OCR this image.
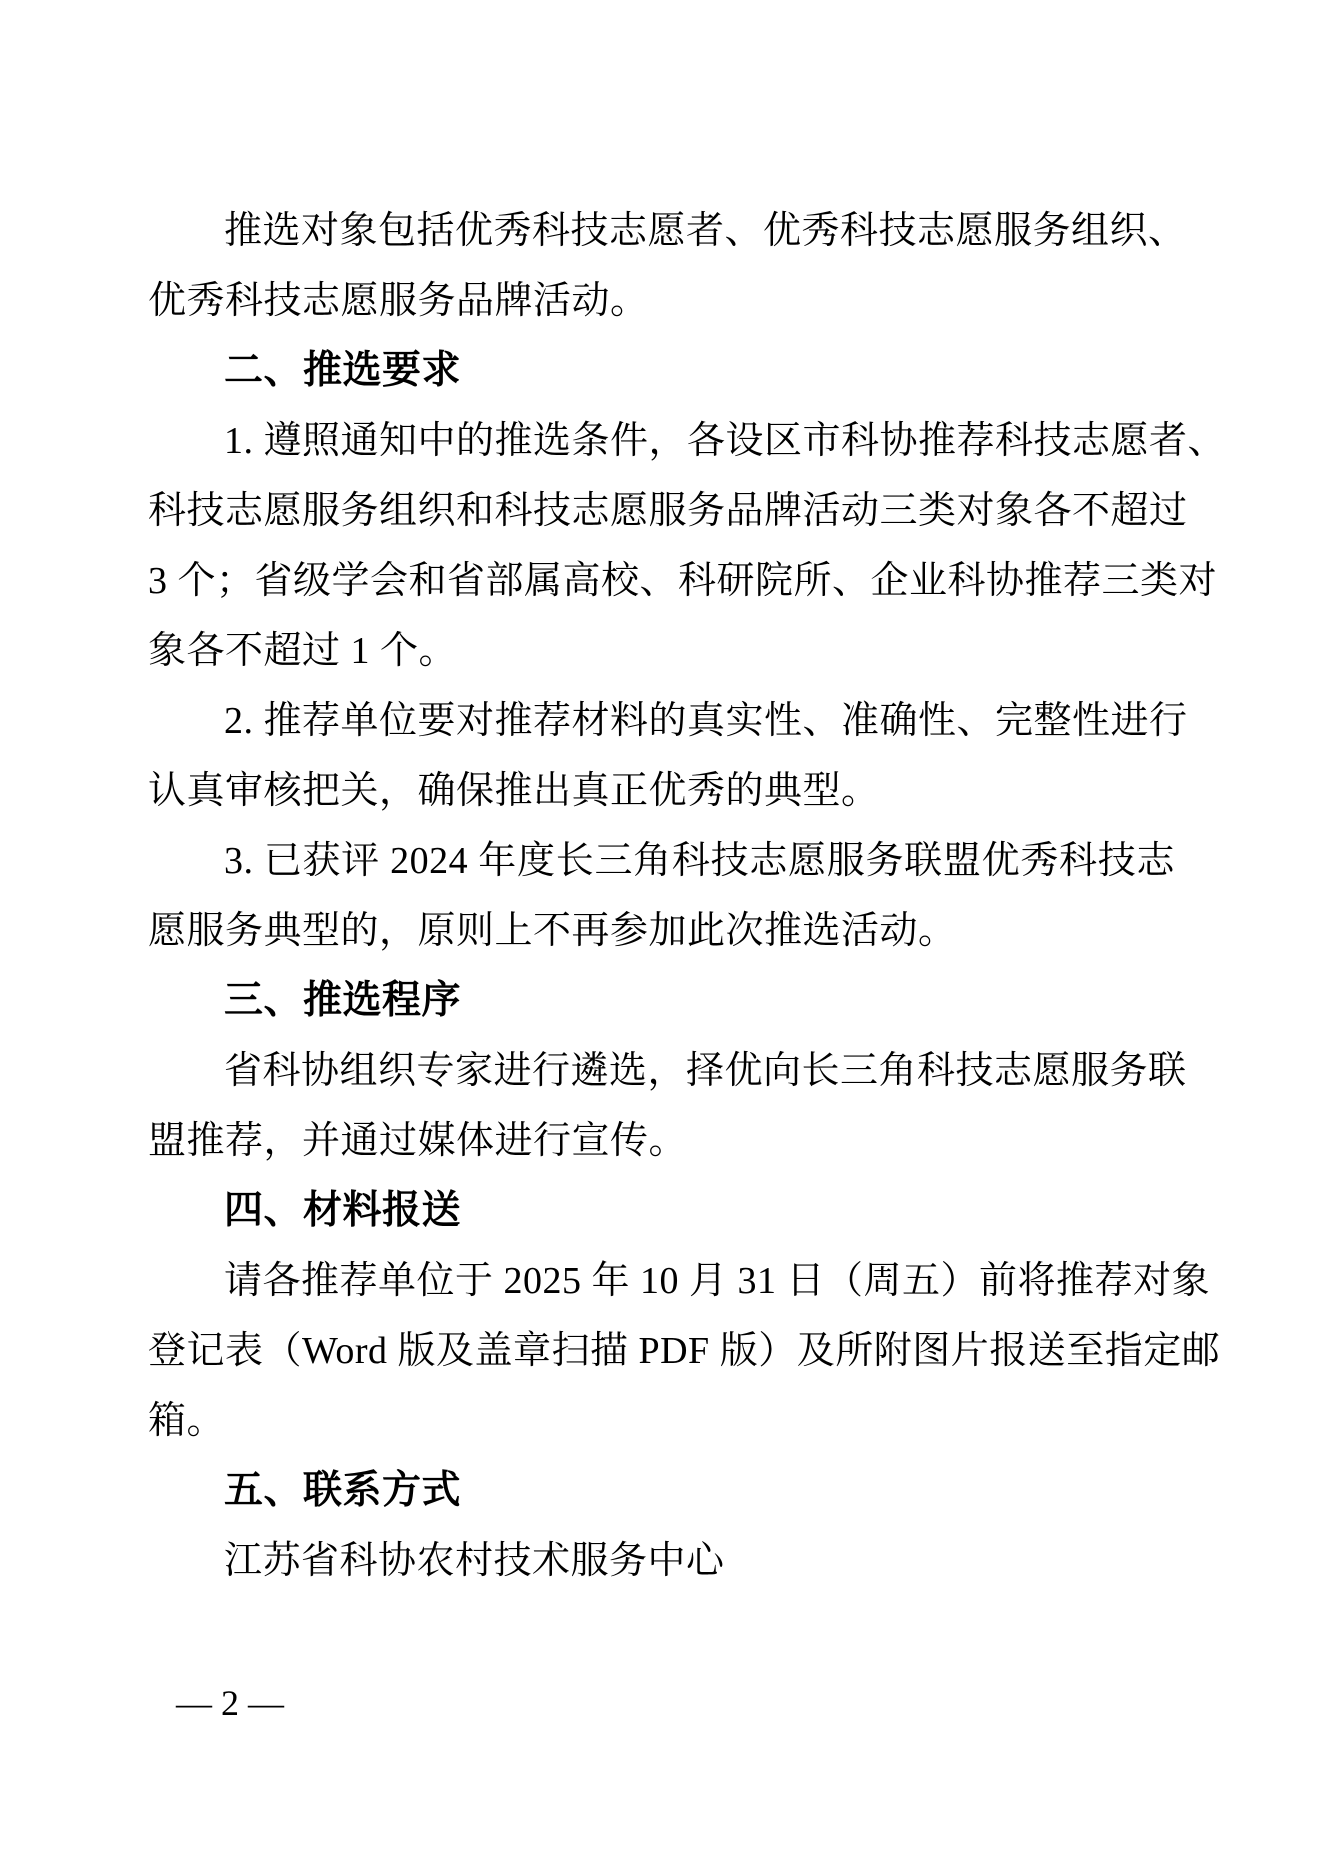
推选对象包括优秀科技志愿者、优秀科技志愿服务组织、
优秀科技志愿服务品牌活动。
二、推选要求
1. 遵照通知中的推选条件，各设区市科协推荐科技志愿者、
科技志愿服务组织和科技志愿服务品牌活动三类对象各不超过
3 个；省级学会和省部属高校、科研院所、企业科协推荐三类对
象各不超过 1 个。
2. 推荐单位要对推荐材料的真实性、准确性、完整性进行
认真审核把关，确保推出真正优秀的典型。
3. 已获评 2024 年度长三角科技志愿服务联盟优秀科技志
愿服务典型的，原则上不再参加此次推选活动。
三、推选程序
省科协组织专家进行遴选，择优向长三角科技志愿服务联
盟推荐，并通过媒体进行宣传。
四、材料报送
请各推荐单位于 2025 年 10 月 31 日（周五）前将推荐对象
登记表（Word 版及盖章扫描 PDF 版）及所附图片报送至指定邮
箱。
五、联系方式
江苏省科协农村技术服务中心
— 2 —
